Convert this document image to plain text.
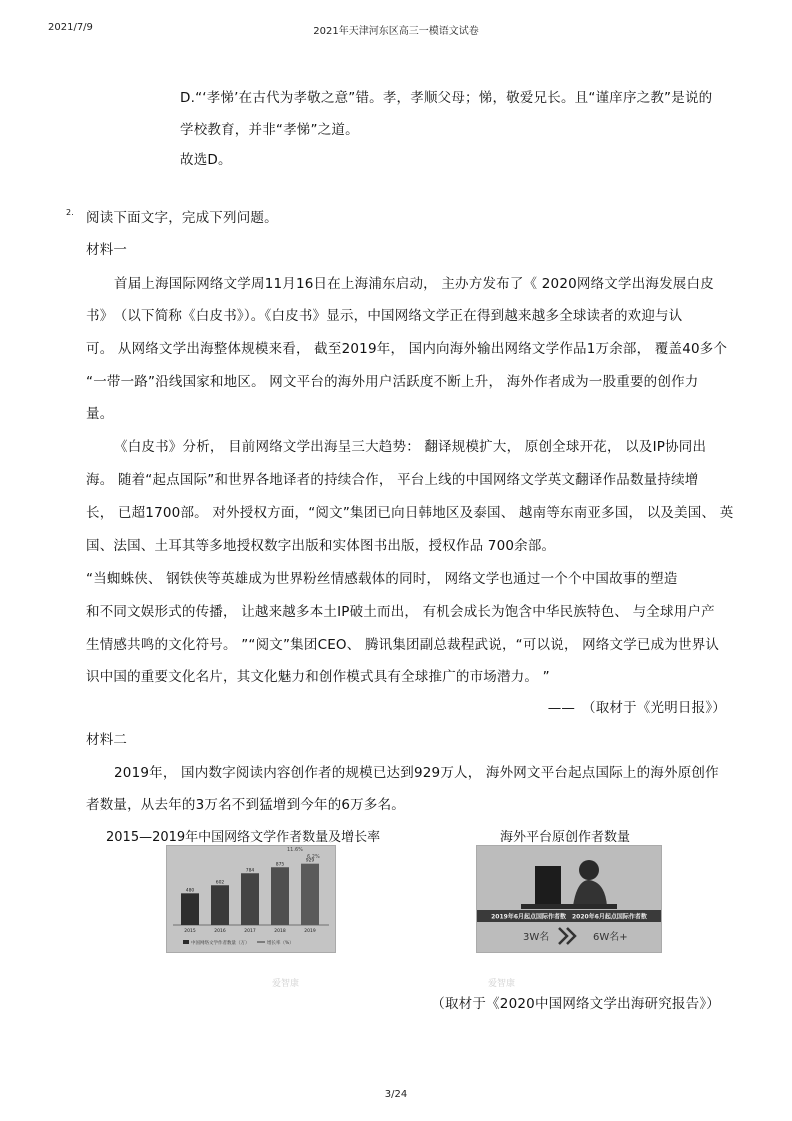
2021/7/9	2021年天津河东区高三一模语文试卷
D.“‘孝悌’在古代为孝敬之意”错。孝，孝顺父母；悌，敬爱兄长。且“谨庠序之教”是说的
学校教育，并非“孝悌”之道。
故选D。
2. 阅读下面文字，完成下列问题。
材料一
首届上海国际网络文学周11月16日在上海浦东启动， 主办方发布了《 2020网络文学出海发展白皮
书》　（以下简称《白皮书》）。《白皮书》显示，中国网络文学正在得到越来越多全球读者的欢迎与认
可。 从网络文学出海整体规模来看， 截至2019年， 国内向海外输出网络文学作品1万余部， 覆盖40多个
“一带一路”沿线国家和地区。 网文平台的海外用户活跃度不断上升， 海外作者成为一股重要的创作力
量。
《白皮书》分析， 目前网络文学出海呈三大趋势： 翻译规模扩大， 原创全球开花， 以及IP协同出
海。 随着“起点国际”和世界各地译者的持续合作， 平台上线的中国网络文学英文翻译作品数量持续增
长， 已超1700部。 对外授权方面，“阅文”集团已向日韩地区及泰国、 越南等东南亚多国， 以及美国、 英
国、法国、土耳其等多地授权数字出版和实体图书出版，授权作品 700余部。
“当蜘蛛侠、 钢铁侠等英雄成为世界粉丝情感载体的同时， 网络文学也通过一个个中国故事的塑造
和不同文娱形式的传播， 让越来越多本土IP破土而出， 有机会成长为饱含中华民族特色、 与全球用户产
生情感共鸣的文化符号。 ”“阅文”集团CEO、 腾讯集团副总裁程武说，“可以说， 网络文学已成为世界认
识中国的重要文化名片，其文化魅力和创作模式具有全球推广的市场潜力。 ”
——　（取材于《光明日报》）
材料二
2019年， 国内数字阅读内容创作者的规模已达到929万人， 海外网文平台起点国际上的海外原创作
者数量，从去年的3万名不到猛增到今年的6万多名。
2015—2019年中国网络文学作者数量及增长率	海外平台原创作者数量
480
602
784
875
929
2015	2016	2017	2018	2019
11.6%
6.2%
中国网络文学作者数量（万）	增长率（%）
2019年6月起点国际作者数　2020年6月起点国际作者数
3W名	6W名+
爱智康	爱智康
（取材于《2020中国网络文学出海研究报告》）
3/24
